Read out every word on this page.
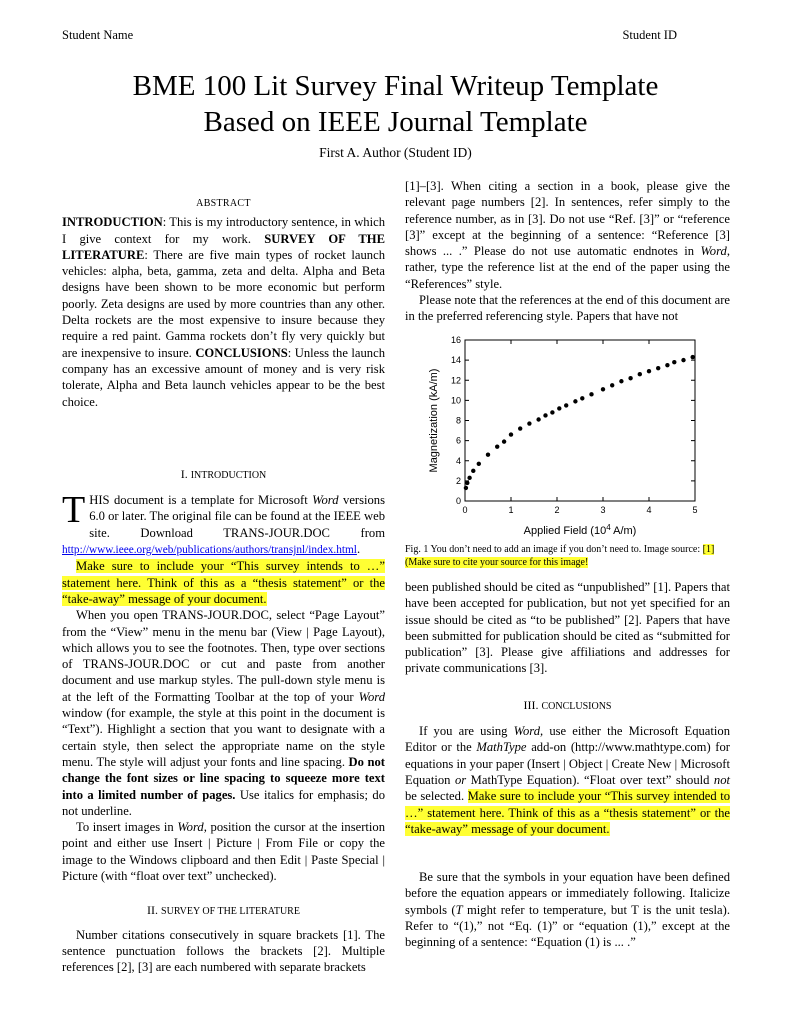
Student Name	Student ID
BME 100 Lit Survey Final Writeup Template
Based on IEEE Journal Template
First A. Author (Student ID)

ABSTRACT

INTRODUCTION: This is my introductory sentence, in which I give context for my work. SURVEY OF THE LITERATURE: There are five main types of rocket launch vehicles: alpha, beta, gamma, zeta and delta. Alpha and Beta designs have been shown to be more economic but perform poorly. Zeta designs are used by more countries than any other. Delta rockets are the most expensive to insure because they require a red paint. Gamma rockets don’t fly very quickly but are inexpensive to insure. CONCLUSIONS: Unless the launch company has an excessive amount of money and is very risk tolerate, Alpha and Beta launch vehicles appear to be the best choice.

I. INTRODUCTION

THIS document is a template for Microsoft Word versions 6.0 or later. The original file can be found at the IEEE web site. Download TRANS-JOUR.DOC from http://www.ieee.org/web/publications/authors/transjnl/index.html.

Make sure to include your “This survey intends to …” statement here. Think of this as a “thesis statement” or the “take-away” message of your document.

When you open TRANS-JOUR.DOC, select “Page Layout” from the “View” menu in the menu bar (View | Page Layout), which allows you to see the footnotes. Then, type over sections of TRANS-JOUR.DOC or cut and paste from another document and use markup styles. The pull-down style menu is at the left of the Formatting Toolbar at the top of your Word window (for example, the style at this point in the document is “Text”). Highlight a section that you want to designate with a certain style, then select the appropriate name on the style menu. The style will adjust your fonts and line spacing. Do not change the font sizes or line spacing to squeeze more text into a limited number of pages. Use italics for emphasis; do not underline.

To insert images in Word, position the cursor at the insertion point and either use Insert | Picture | From File or copy the image to the Windows clipboard and then Edit | Paste Special | Picture (with “float over text” unchecked).

II. SURVEY OF THE LITERATURE

Number citations consecutively in square brackets [1]. The sentence punctuation follows the brackets [2]. Multiple references [2], [3] are each numbered with separate brackets

[1]–[3]. When citing a section in a book, please give the relevant page numbers [2]. In sentences, refer simply to the reference number, as in [3]. Do not use “Ref. [3]” or “reference [3]” except at the beginning of a sentence: “Reference [3] shows ... .” Please do not use automatic endnotes in Word, rather, type the reference list at the end of the paper using the “References” style.

Please note that the references at the end of this document are in the preferred referencing style. Papers that have not

0	1	2	3	4	5
0
2
4
6
8
10
12
14
16
Applied Field ($10^4$ A/m)
Magnetization (kA/m)
Fig. 1 You don’t need to add an image if you don’t need to. Image source: [1] (Make sure to cite your source for this image!

been published should be cited as “unpublished” [1]. Papers that have been accepted for publication, but not yet specified for an issue should be cited as “to be published” [2]. Papers that have been submitted for publication should be cited as “submitted for publication” [3]. Please give affiliations and addresses for private communications [3].

III. CONCLUSIONS

If you are using Word, use either the Microsoft Equation Editor or the MathType add-on (http://www.mathtype.com) for equations in your paper (Insert | Object | Create New | Microsoft Equation or MathType Equation). “Float over text” should not be selected. Make sure to include your “This survey intended to …” statement here. Think of this as a “thesis statement” or the “take-away” message of your document.

Be sure that the symbols in your equation have been defined before the equation appears or immediately following. Italicize symbols (T might refer to temperature, but T is the unit tesla). Refer to “(1),” not “Eq. (1)” or “equation (1),” except at the beginning of a sentence: “Equation (1) is ... .”
